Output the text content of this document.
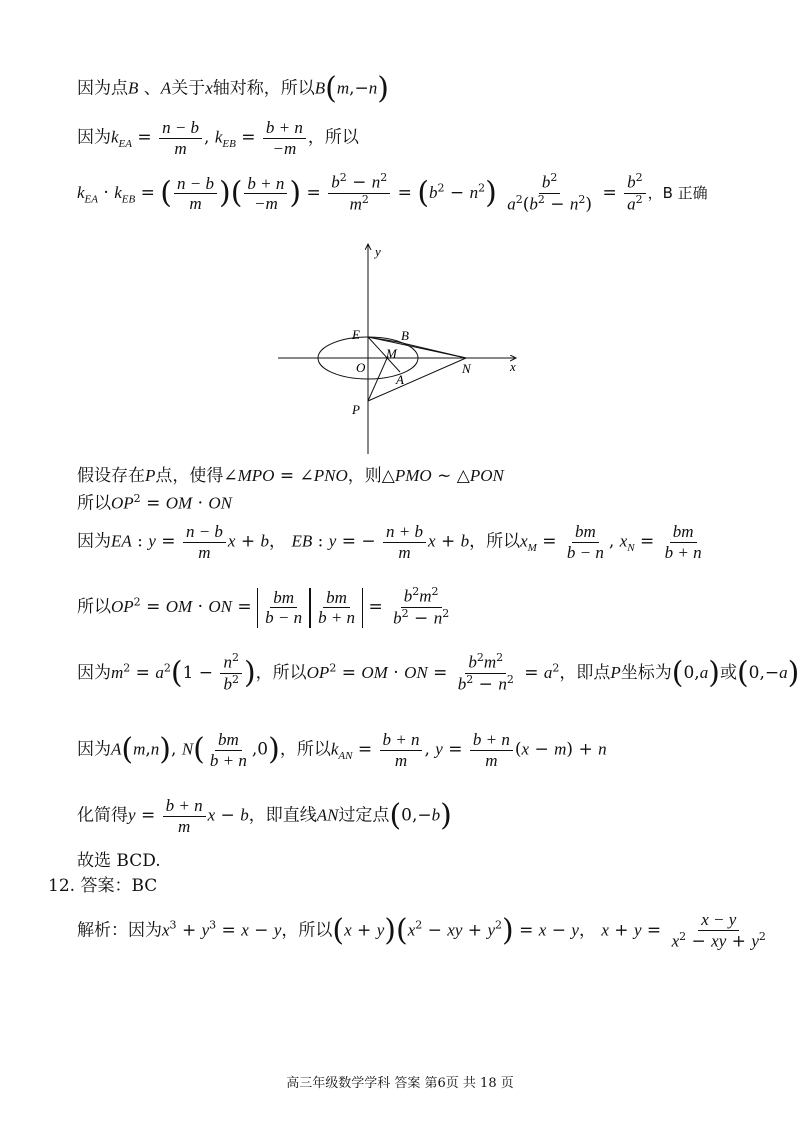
因为点B 、A关于x轴对称，所以B(m,−n)
因为$k_{EA} = \frac{n - b}{m}$ , $k_{EB} = \frac{b + n}{-m}$ ，所以
$k_{EA} \cdot k_{EB}$ = ( $\frac{n - b}{m}$ )( $\frac{b + n}{-m}$ ) = $\frac{b^2 - n^2}{m^2} = (b^2 - n^2) \frac{b^2}{a^2(b^2 - n^2)} = \frac{b^2}{a^2}$ ，B 正确
y
x
E	B
M
O
A
N
P
假设存在P点，使得∠MPO = ∠PNO，则△PMO ~ △PON
所以$OP^2$ = OM · ON
因为EA : $y = \frac{n - b}{m}$ x + b， EB : y = − $\frac{n + b}{m}$ x + b，所以$x_M = \frac{bm}{b - n}$ , $x_N = \frac{bm}{b + n}$
所以$OP^2$ = OM · ON = $\frac{bm}{b - n} \frac{bm}{b + n} = \frac{b^2m^2}{b^2 - n^2}$
因为$m^2 = a^2(1 - \frac{n^2}{b^2}$ )，所以$OP^2$ = OM · ON = $\frac{b^2m^2}{b^2 - n^2} = a^2$，即点P坐标为(0,a)或(0,−a)
因为A(m,n), $N( \frac{bm}{b + n} ,0)$，所以$k_{AN} = \frac{b + n}{m}$ , $y = \frac{b + n}{m} (x - m) + n$
化简得$y = \frac{b + n}{m}$ x − b，即直线AN过定点(0,−b)
故选 BCD.
12. 答案：BC
解析：因为$x^3 + y^3 = x - y$，所以$(x + y)(x^2$ − xy + $y^2) = x - y$， $x + y = \frac{x - y}{x^2 - xy + y^2}$
高三年级数学学科 答案 第6页 共 18 页
